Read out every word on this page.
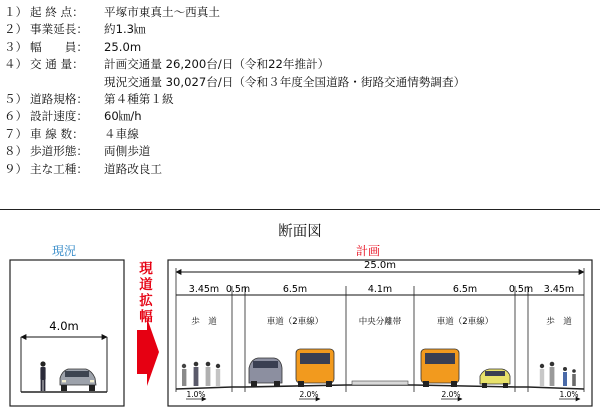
１） 起 終 点：	平塚市東真土～西真土
２） 事業延長：	約1.3㎞
３） 幅　　員：	25.0m
４） 交 通 量：	計画交通量 26,200台/日（令和22年推計）
現況交通量 30,027台/日（令和３年度全国道路・街路交通情勢調査）
５） 道路規格：	第４種第１級
６） 設計速度：	60㎞/h
７） 車 線 数：	４車線
８） 歩道形態：	両側歩道
９） 主な工種：	道路改良工
断面図
現況	計画
4.0m
現
道
拡
幅
25.0m
3.45m 0.5m	6.5m	4.1m	6.5m	0.5m 3.45m
歩　道	車道（2車線）	中央分離帯	車道（2車線）	歩　道
1.0%	2.0%	2.0%	1.0%
